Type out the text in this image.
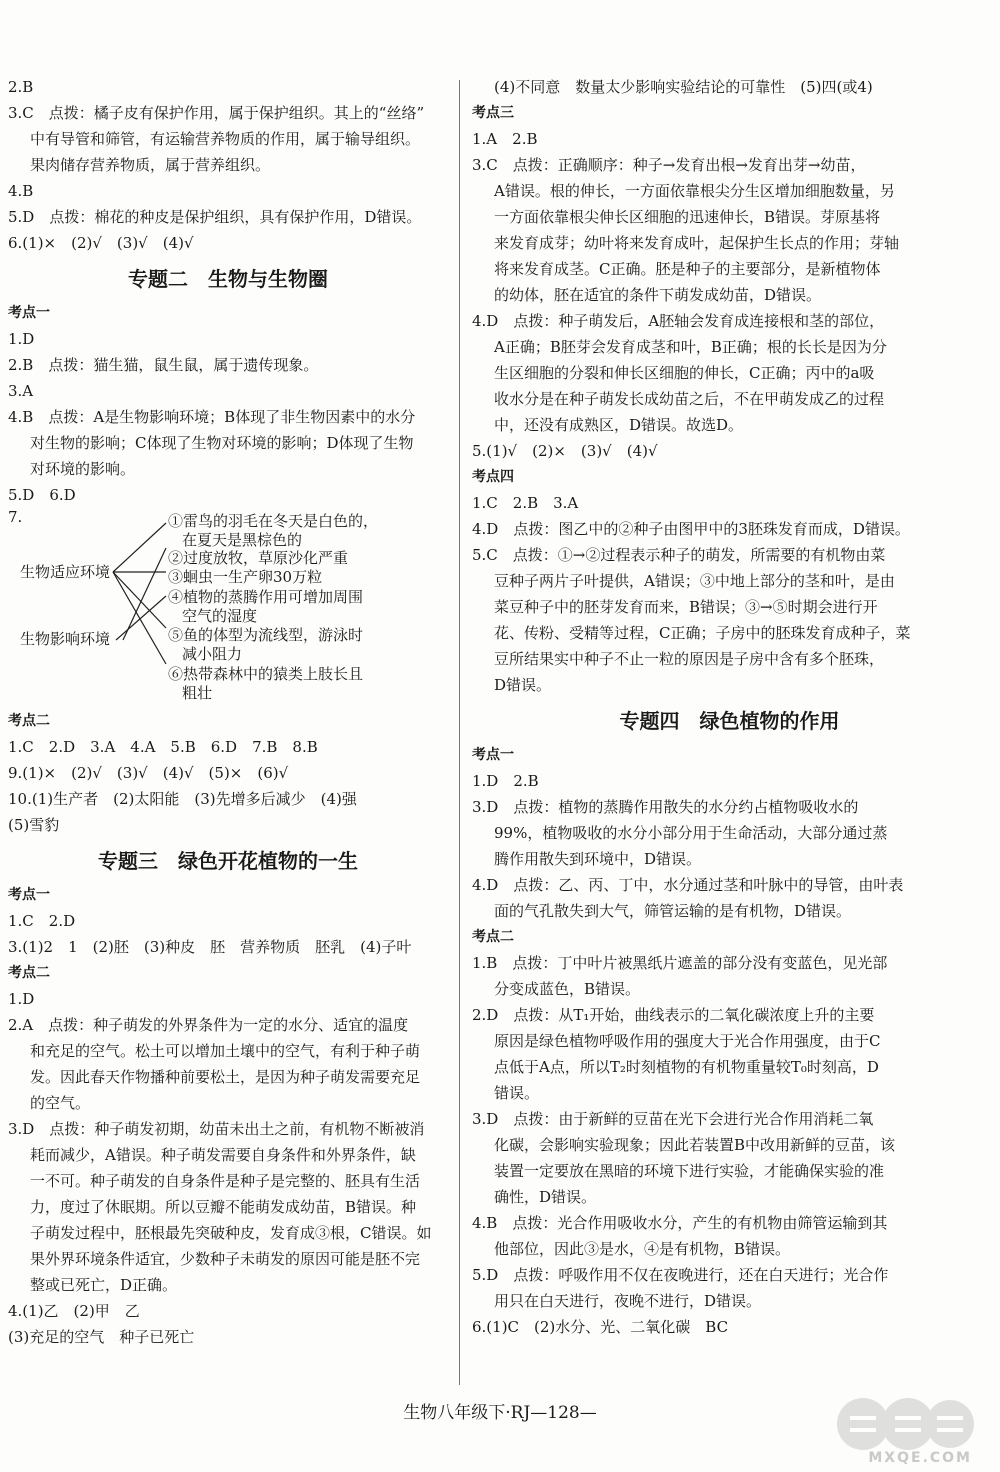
2.B
3.C　点拨：橘子皮有保护作用，属于保护组织。其上的“丝络”
中有导管和筛管，有运输营养物质的作用，属于输导组织。
果肉储存营养物质，属于营养组织。
4.B
5.D　点拨：棉花的种皮是保护组织，具有保护作用，D错误。
6.(1)×　(2)√　(3)√　(4)√
专题二　生物与生物圈
考点一
1.D
2.B　点拨：猫生猫，鼠生鼠，属于遗传现象。
3.A
4.B　点拨：A是生物影响环境；B体现了非生物因素中的水分
对生物的影响；C体现了生物对环境的影响；D体现了生物
对环境的影响。
5.D　6.D
7.
生物适应环境
生物影响环境
①雷鸟的羽毛在冬天是白色的，
在夏天是黑棕色的
②过度放牧，草原沙化严重
③蛔虫一生产卵30万粒
④植物的蒸腾作用可增加周围
空气的湿度
⑤鱼的体型为流线型，游泳时
减小阻力
⑥热带森林中的猿类上肢长且
粗壮
考点二
1.C　2.D　3.A　4.A　5.B　6.D　7.B　8.B
9.(1)×　(2)√　(3)√　(4)√　(5)×　(6)√
10.(1)生产者　(2)太阳能　(3)先增多后减少　(4)强
(5)雪豹
专题三　绿色开花植物的一生
考点一
1.C　2.D
3.(1)2　1　(2)胚　(3)种皮　胚　营养物质　胚乳　(4)子叶
考点二
1.D
2.A　点拨：种子萌发的外界条件为一定的水分、适宜的温度
和充足的空气。松土可以增加土壤中的空气，有利于种子萌
发。因此春天作物播种前要松土，是因为种子萌发需要充足
的空气。
3.D　点拨：种子萌发初期，幼苗未出土之前，有机物不断被消
耗而减少，A错误。种子萌发需要自身条件和外界条件，缺
一不可。种子萌发的自身条件是种子是完整的、胚具有生活
力，度过了休眠期。所以豆瓣不能萌发成幼苗，B错误。种
子萌发过程中，胚根最先突破种皮，发育成③根，C错误。如
果外界环境条件适宜，少数种子未萌发的原因可能是胚不完
整或已死亡，D正确。
4.(1)乙　(2)甲　乙
(3)充足的空气　种子已死亡
(4)不同意　数量太少影响实验结论的可靠性　(5)四(或4)
考点三
1.A　2.B
3.C　点拨：正确顺序：种子→发育出根→发育出芽→幼苗，
A错误。根的伸长，一方面依靠根尖分生区增加细胞数量，另
一方面依靠根尖伸长区细胞的迅速伸长，B错误。芽原基将
来发育成芽；幼叶将来发育成叶，起保护生长点的作用；芽轴
将来发育成茎。C正确。胚是种子的主要部分，是新植物体
的幼体，胚在适宜的条件下萌发成幼苗，D错误。
4.D　点拨：种子萌发后，A胚轴会发育成连接根和茎的部位，
A正确；B胚芽会发育成茎和叶，B正确；根的长长是因为分
生区细胞的分裂和伸长区细胞的伸长，C正确；丙中的a吸
收水分是在种子萌发长成幼苗之后，不在甲萌发成乙的过程
中，还没有成熟区，D错误。故选D。
5.(1)√　(2)×　(3)√　(4)√
考点四
1.C　2.B　3.A
4.D　点拨：图乙中的②种子由图甲中的3胚珠发育而成，D错误。
5.C　点拨：①→②过程表示种子的萌发，所需要的有机物由菜
豆种子两片子叶提供，A错误；③中地上部分的茎和叶，是由
菜豆种子中的胚芽发育而来，B错误；③→⑤时期会进行开
花、传粉、受精等过程，C正确；子房中的胚珠发育成种子，菜
豆所结果实中种子不止一粒的原因是子房中含有多个胚珠，
D错误。
专题四　绿色植物的作用
考点一
1.D　2.B
3.D　点拨：植物的蒸腾作用散失的水分约占植物吸收水的
99%，植物吸收的水分小部分用于生命活动，大部分通过蒸
腾作用散失到环境中，D错误。
4.D　点拨：乙、丙、丁中，水分通过茎和叶脉中的导管，由叶表
面的气孔散失到大气，筛管运输的是有机物，D错误。
考点二
1.B　点拨：丁中叶片被黑纸片遮盖的部分没有变蓝色，见光部
分变成蓝色，B错误。
2.D　点拨：从T₁开始，曲线表示的二氧化碳浓度上升的主要
原因是绿色植物呼吸作用的强度大于光合作用强度，由于C
点低于A点，所以T₂时刻植物的有机物重量较T₀时刻高，D
错误。
3.D　点拨：由于新鲜的豆苗在光下会进行光合作用消耗二氧
化碳，会影响实验现象；因此若装置B中改用新鲜的豆苗，该
装置一定要放在黑暗的环境下进行实验，才能确保实验的准
确性，D错误。
4.B　点拨：光合作用吸收水分，产生的有机物由筛管运输到其
他部位，因此③是水，④是有机物，B错误。
5.D　点拨：呼吸作用不仅在夜晚进行，还在白天进行；光合作
用只在白天进行，夜晚不进行，D错误。
6.(1)C　(2)水分、光、二氧化碳　BC
生物八年级下·RJ—128—
MXQE.COM
